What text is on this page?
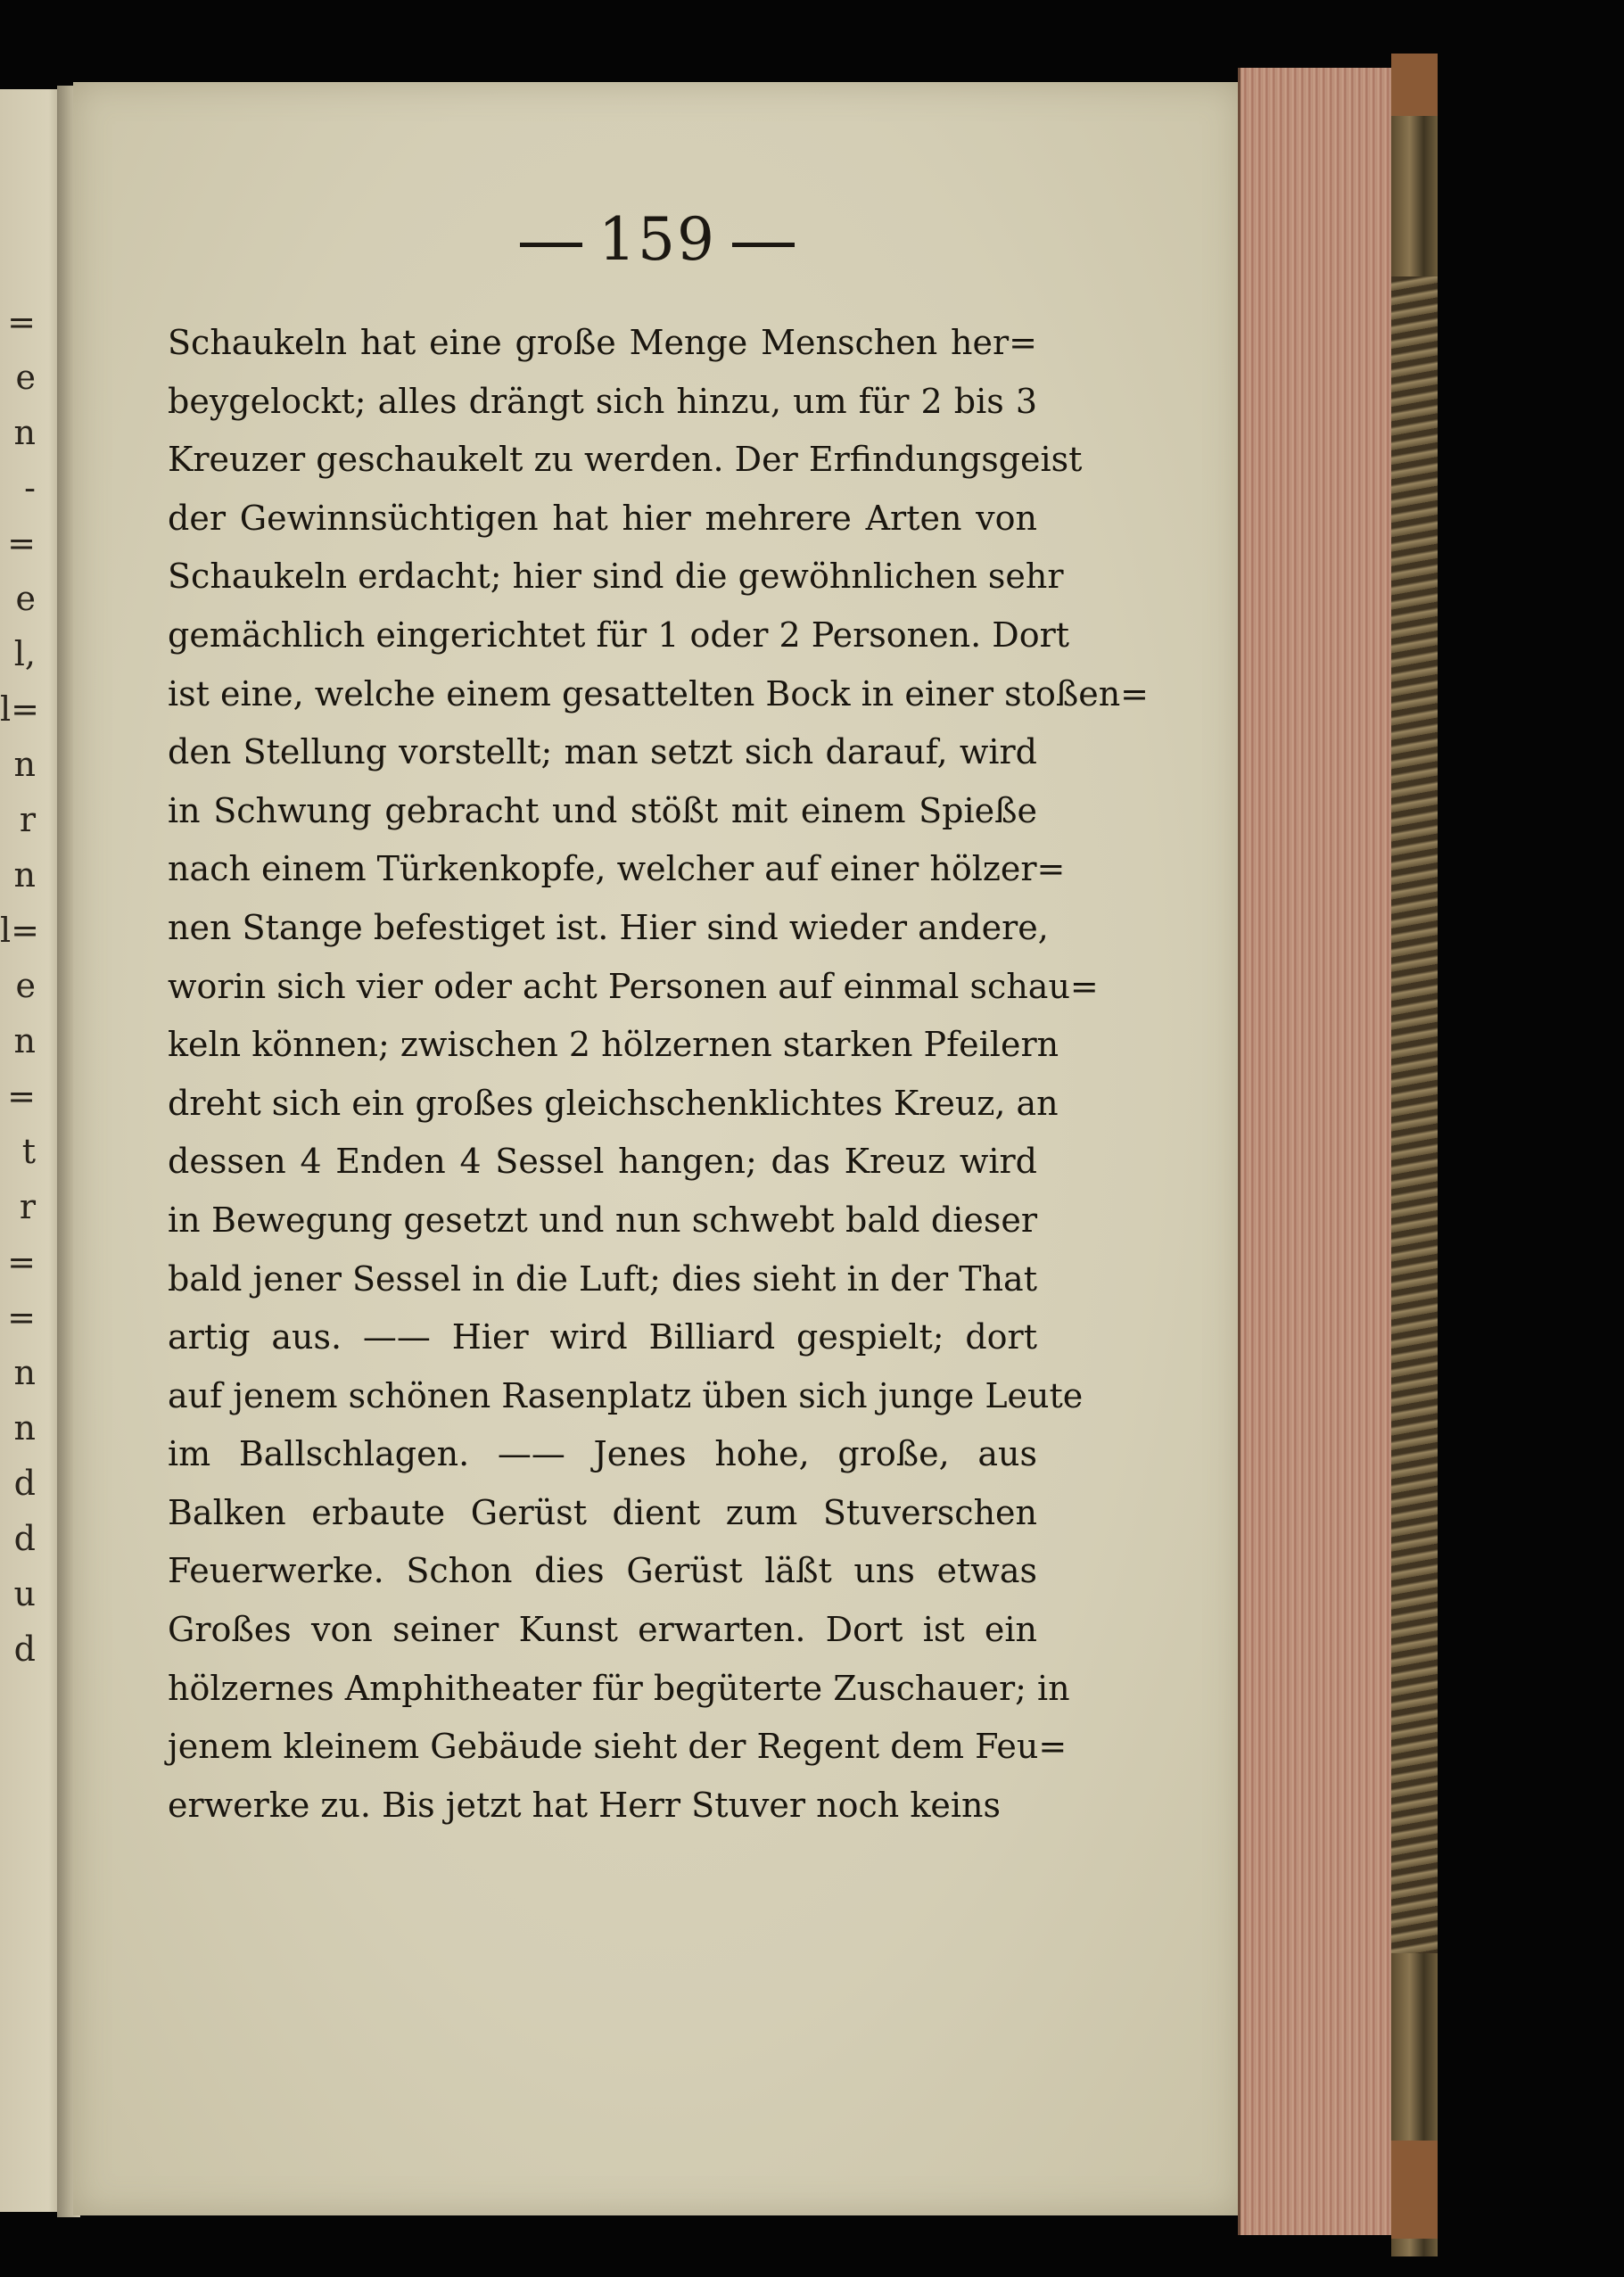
=
e
n
-
=
e
l,
l=
n
r
n
l=
e
n
=
t
r
=
=
n
n
d
d
u
d
159
Schaukeln hat eine große Menge Menschen her=
beygelockt; alles drängt sich hinzu, um für 2 bis 3
Kreuzer geschaukelt zu werden. Der Erfindungsgeist
der Gewinnsüchtigen hat hier mehrere Arten von
Schaukeln erdacht; hier sind die gewöhnlichen sehr
gemächlich eingerichtet für 1 oder 2 Personen. Dort
ist eine, welche einem gesattelten Bock in einer stoßen=
den Stellung vorstellt; man setzt sich darauf, wird
in Schwung gebracht und stößt mit einem Spieße
nach einem Türkenkopfe, welcher auf einer hölzer=
nen Stange befestiget ist. Hier sind wieder andere,
worin sich vier oder acht Personen auf einmal schau=
keln können; zwischen 2 hölzernen starken Pfeilern
dreht sich ein großes gleichschenklichtes Kreuz, an
dessen 4 Enden 4 Sessel hangen; das Kreuz wird
in Bewegung gesetzt und nun schwebt bald dieser
bald jener Sessel in die Luft; dies sieht in der That
artig aus. —— Hier wird Billiard gespielt; dort
auf jenem schönen Rasenplatz üben sich junge Leute
im Ballschlagen. —— Jenes hohe, große, aus
Balken erbaute Gerüst dient zum Stuverschen
Feuerwerke. Schon dies Gerüst läßt uns etwas
Großes von seiner Kunst erwarten. Dort ist ein
hölzernes Amphitheater für begüterte Zuschauer; in
jenem kleinem Gebäude sieht der Regent dem Feu=
erwerke zu. Bis jetzt hat Herr Stuver noch keins
